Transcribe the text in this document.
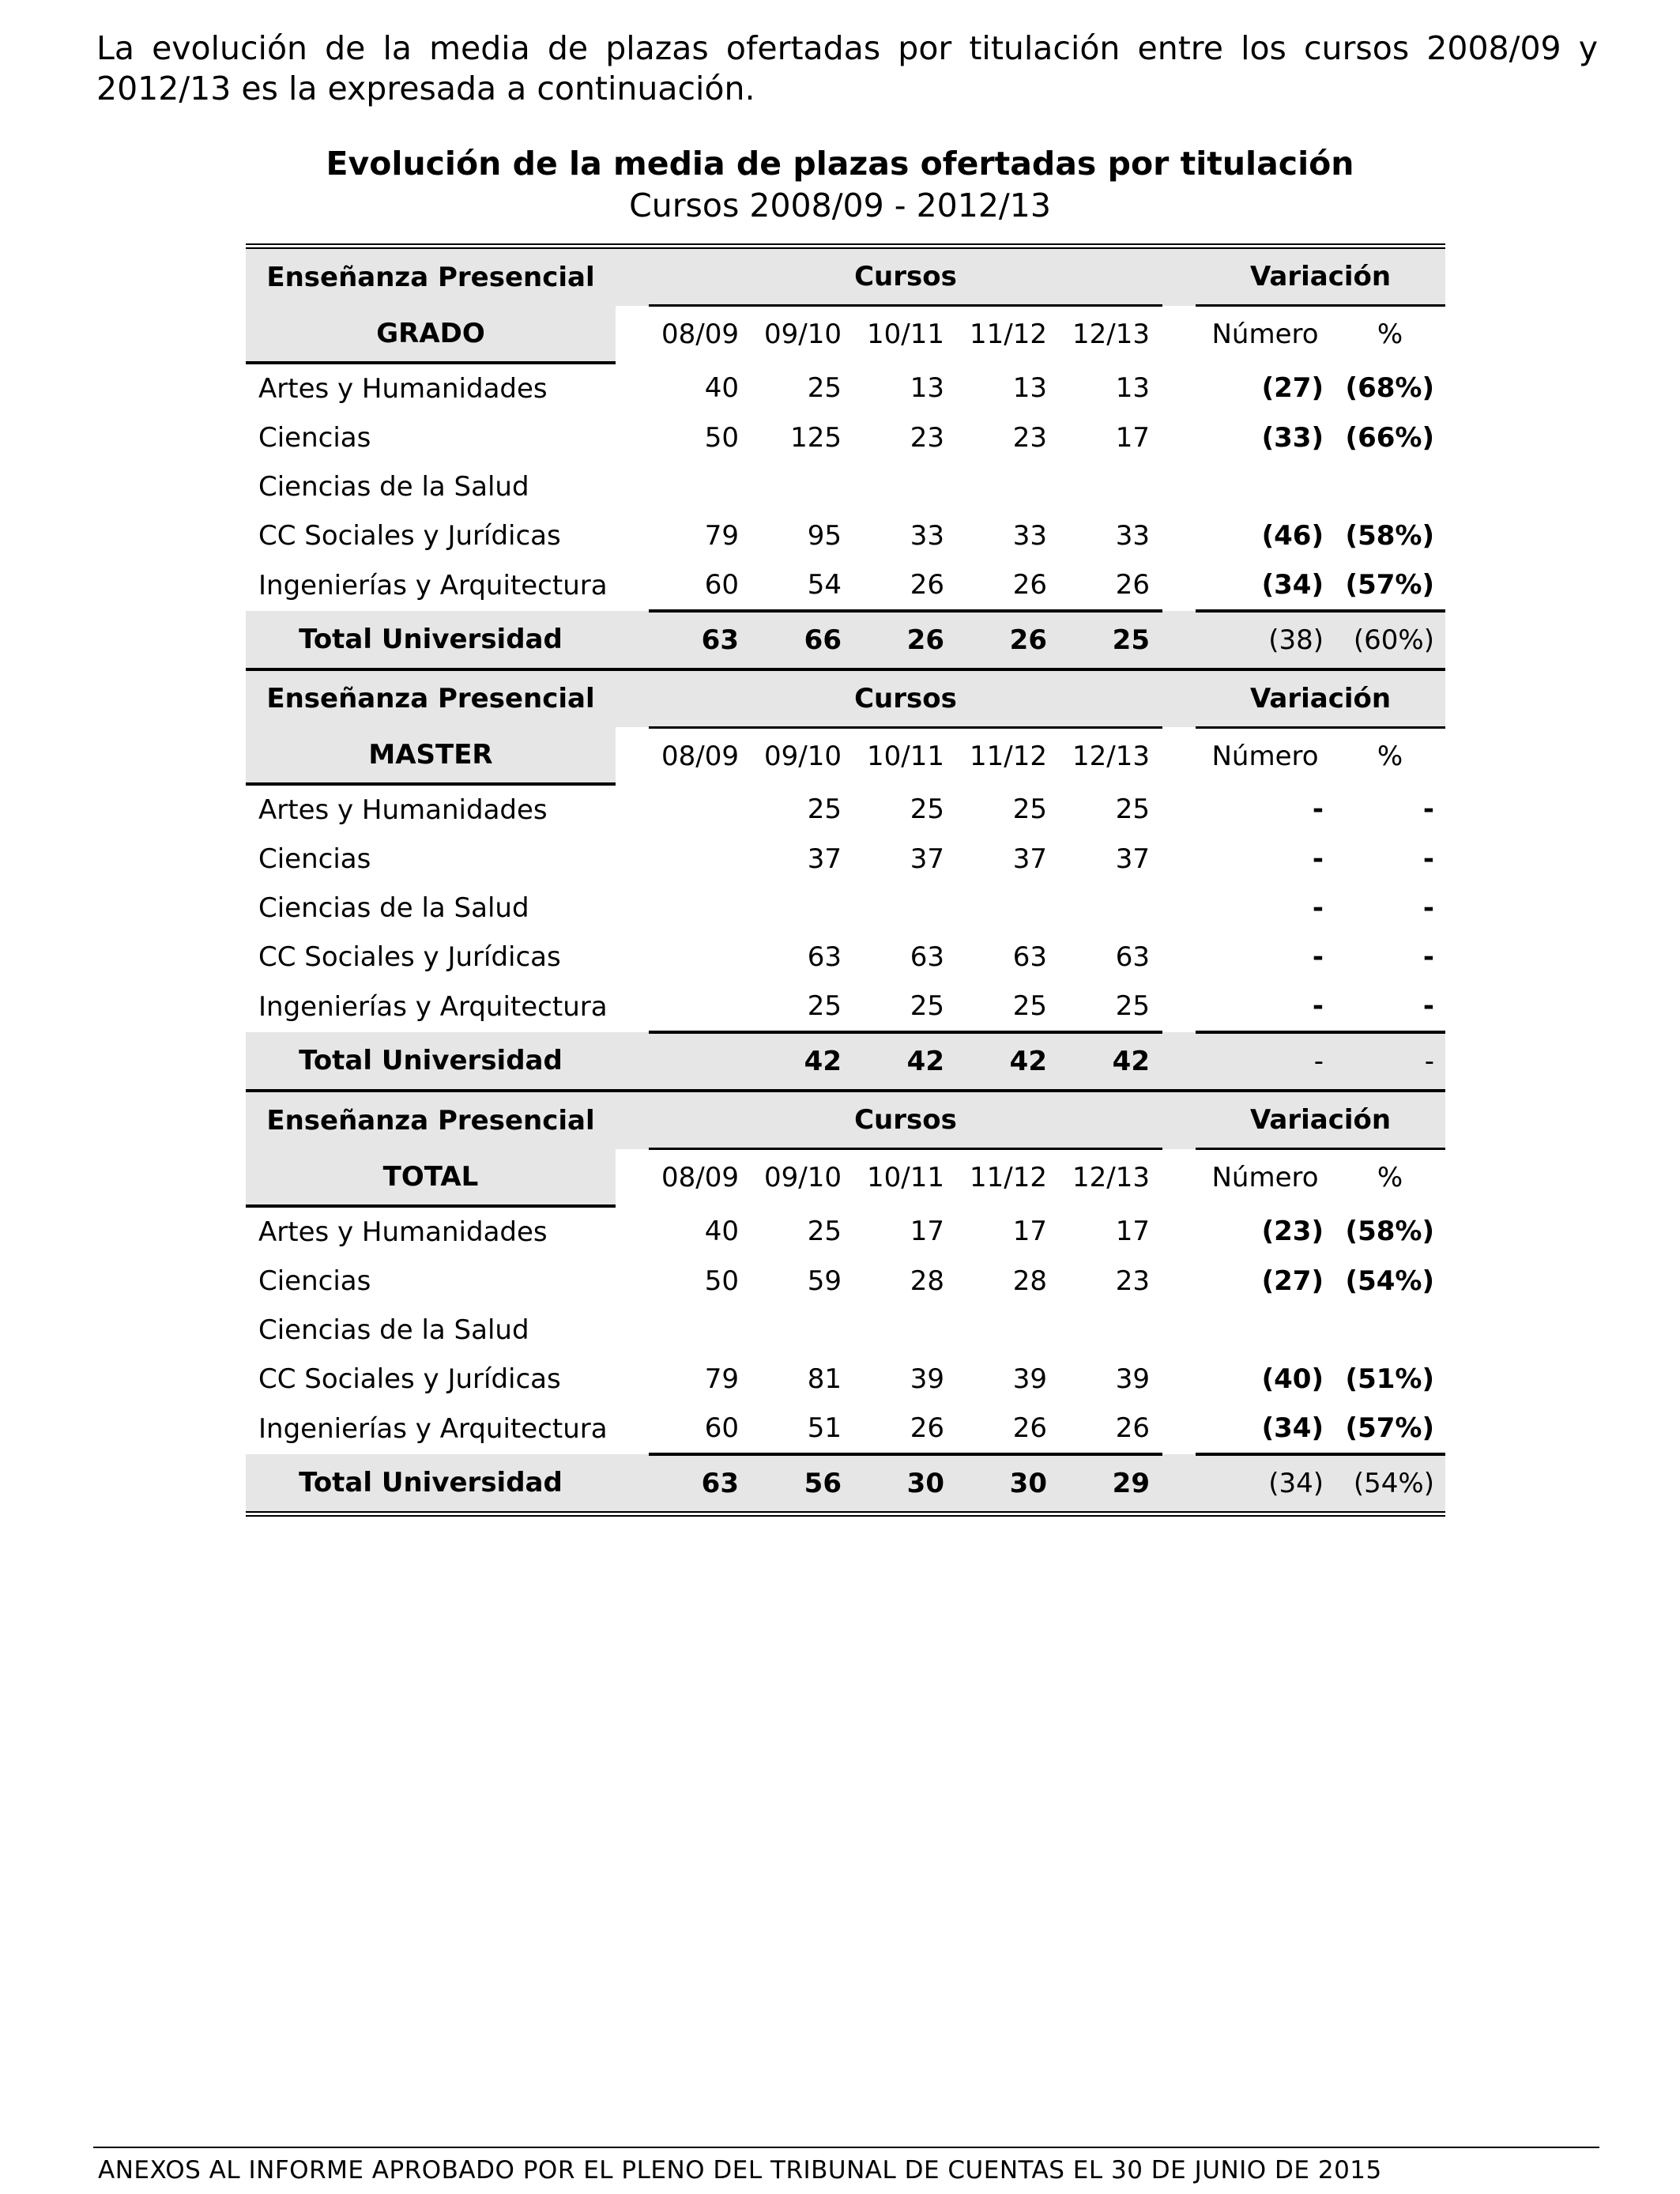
La evolución de la media de plazas ofertadas por titulación entre los cursos 2008/09 y 2012/13 es la expresada a continuación.

Evolución de la media de plazas ofertadas por titulación
Cursos 2008/09 - 2012/13
Enseñanza Presencial		Cursos						Variación	
GRADO		08/09	09/10	10/11	11/12	12/13		Número	%
Artes y Humanidades		40	25	13	13	13		(27)	(68%)
Ciencias		50	125	23	23	17		(33)	(66%)
Ciencias de la Salud									
CC Sociales y Jurídicas		79	95	33	33	33		(46)	(58%)
Ingenierías y Arquitectura		60	54	26	26	26		(34)	(57%)
Total Universidad		63	66	26	26	25		(38)	(60%)
Enseñanza Presencial		Cursos						Variación	
MASTER		08/09	09/10	10/11	11/12	12/13		Número	%
Artes y Humanidades			25	25	25	25		-	-
Ciencias			37	37	37	37		-	-
Ciencias de la Salud								-	-
CC Sociales y Jurídicas			63	63	63	63		-	-
Ingenierías y Arquitectura			25	25	25	25		-	-
Total Universidad			42	42	42	42		-	-
Enseñanza Presencial		Cursos						Variación	
TOTAL		08/09	09/10	10/11	11/12	12/13		Número	%
Artes y Humanidades		40	25	17	17	17		(23)	(58%)
Ciencias		50	59	28	28	23		(27)	(54%)
Ciencias de la Salud									
CC Sociales y Jurídicas		79	81	39	39	39		(40)	(51%)
Ingenierías y Arquitectura		60	51	26	26	26		(34)	(57%)
Total Universidad		63	56	30	30	29		(34)	(54%)
ANEXOS AL INFORME APROBADO POR EL PLENO DEL TRIBUNAL DE CUENTAS EL 30 DE JUNIO DE 2015
